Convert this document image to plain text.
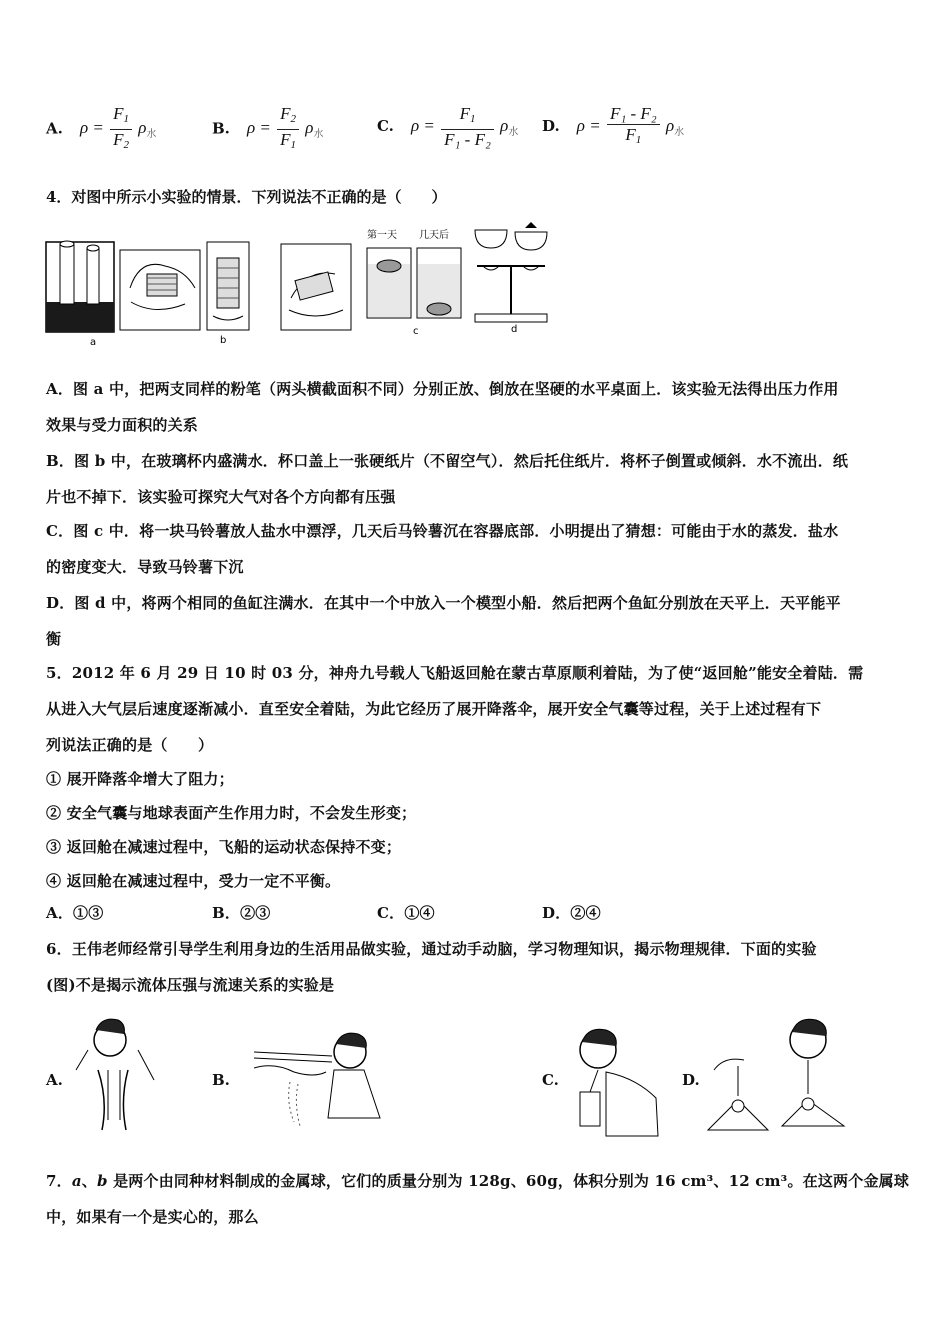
A. $\rho = \frac{F_1}{F_2} \rho_水$	B. $\rho = \frac{F_2}{F_1} \rho_水$	C. $\rho = \frac{F_1}{\text{F₁ - F₂}} \rho_水$ D. $\rho = \frac{\text{F₁ - F₂}}{F_1} \rho_水$
4．对图中所示小实验的情景．下列说法不正确的是（　　）
a	b
第一天 几天后
c	d
A．图 a 中，把两支同样的粉笔（两头横截面积不同）分别正放、倒放在坚硬的水平桌面上．该实验无法得出压力作用
效果与受力面积的关系
B．图 b 中，在玻璃杯内盛满水．杯口盖上一张硬纸片（不留空气）．然后托住纸片．将杯子倒置或倾斜．水不流出．纸
片也不掉下．该实验可探究大气对各个方向都有压强
C．图 c 中．将一块马铃薯放人盐水中漂浮，几天后马铃薯沉在容器底部．小明提出了猜想：可能由于水的蒸发．盐水
的密度变大．导致马铃薯下沉
D．图 d 中，将两个相同的鱼缸注满水．在其中一个中放入一个模型小船．然后把两个鱼缸分别放在天平上．天平能平
衡
5．2012 年 6 月 29 日 10 时 03 分，神舟九号载人飞船返回舱在蒙古草原顺利着陆，为了使“返回舱”能安全着陆．需
从进入大气层后速度逐渐减小．直至安全着陆，为此它经历了展开降落伞，展开安全气囊等过程，关于上述过程有下
列说法正确的是（　　）
① 展开降落伞增大了阻力；
② 安全气囊与地球表面产生作用力时，不会发生形变；
③ 返回舱在减速过程中，飞船的运动状态保持不变；
④ 返回舱在减速过程中，受力一定不平衡。
A．①③	B．②③	C．①④	D．②④
6．王伟老师经常引导学生利用身边的生活用品做实验，通过动手动脑，学习物理知识，揭示物理规律．下面的实验
(图)不是揭示流体压强与流速关系的实验是
A.	B.	C.	D.
7．a、b 是两个由同种材料制成的金属球，它们的质量分别为 128g、60g，体积分别为 16 cm³、12 cm³。在这两个金属球
中，如果有一个是实心的，那么
